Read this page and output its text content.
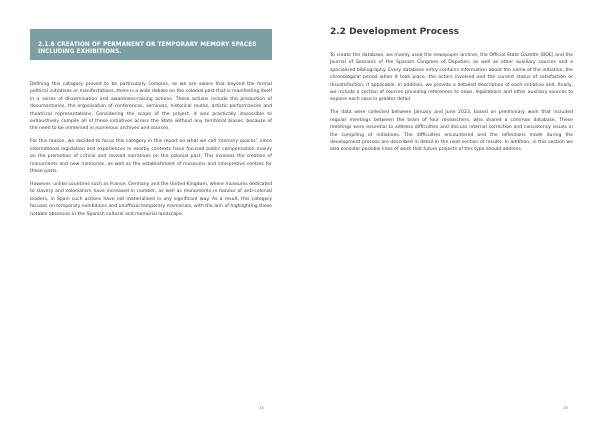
2.1.6 CREATION OF PERMANENT OR TEMPORARY MEMORY SPACES INCLUDING EXHIBITIONS.

Defining this category proved to be particularly complex, as we are aware that beyond the formal political initiatives or manifestations, there is a wide debate on the colonial past that is manifesting itself in a series of dissemination and awareness-raising actions. These actions include the production of documentaries, the organisation of conferences, seminars, historical routes, artistic performances and theatrical representations. Considering the scope of the project, it was practically impossible to exhaustively compile all of these initiatives across the State without any territorial biases, because of the need to be immersed in numerous archives and sources.

For this reason, we decided to focus this category in this report on what we call 'memory spaces', since international legislation and experiences in nearby contexts have focused public compensation mainly on the promotion of critical and revised narratives on the colonial past. This involves the creation of monuments and new memories, as well as the establishment of museums and interpretive centres for these pasts.

However, unlike countries such as France, Germany and the United Kingdom, where museums dedicated to slavery and colonialism have increased in number, as well as monuments in honour of anti-colonial leaders, in Spain such actions have not materialised in any significant way. As a result, this category focuses on temporary exhibitions and unofficial temporary memorials, with the aim of highlighting these notable absences in the Spanish cultural and memorial landscape.

14
2.2 Development Process

To create the database, we mainly used the newspaper archive, the Official State Gazette (BOE) and the Journal of Sessions of the Spanish Congress of Deputies, as well as other auxiliary sources and a specialised bibliography. Every database entry contains information about the name of the initiative, the chronological period when it took place, the actors involved and the current status of satisfaction or dissatisfaction, if applicable. In addition, we provide a detailed description of each initiative and, finally, we include a section of sources providing references to news, legislations and other auxiliary sources to explore each case in greater detail.

The data were collected between January and June 2023, based on preliminary work that included regular meetings between the team of four researchers, who shared a common database. These meetings were essential to address difficulties and discuss internal correction and consistency issues in the compiling of initiatives. The difficulties encountered and the reflections made during the development process are described in detail in the next section of results. In addition, in this section we also consider possible lines of work that future projects of this type should address.

15
